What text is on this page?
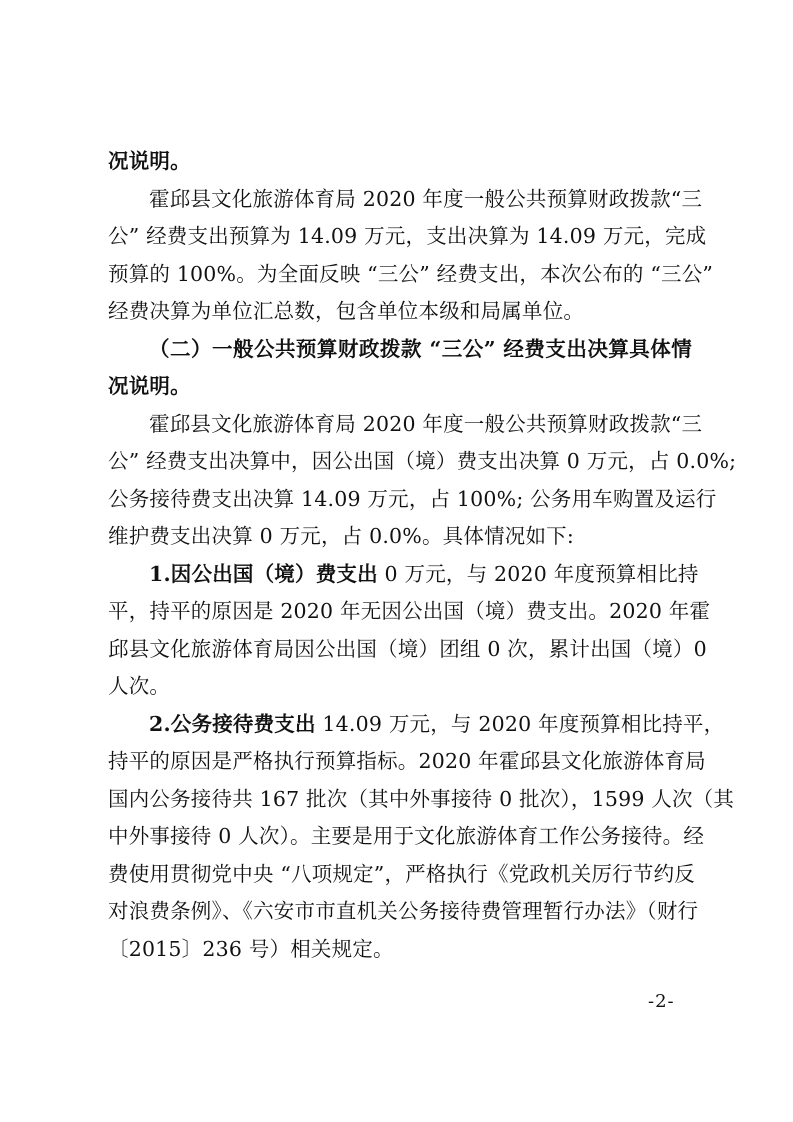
况说明。
霍邱县文化旅游体育局 2020 年度一般公共预算财政拨款“三
公” 经费支出预算为 14.09 万元，支出决算为 14.09 万元，完成
预算的 100%。为全面反映 “三公” 经费支出，本次公布的 “三公”
经费决算为单位汇总数，包含单位本级和局属单位。
（二）一般公共预算财政拨款 “三公” 经费支出决算具体情
况说明。
霍邱县文化旅游体育局 2020 年度一般公共预算财政拨款“三
公” 经费支出决算中，因公出国（境）费支出决算 0 万元，占 0.0%;
公务接待费支出决算 14.09 万元，占 100%; 公务用车购置及运行
维护费支出决算 0 万元，占 0.0%。具体情况如下:
1.因公出国（境）费支出 0 万元，与 2020 年度预算相比持
平，持平的原因是 2020 年无因公出国（境）费支出。2020 年霍
邱县文化旅游体育局因公出国（境）团组 0 次，累计出国（境）0
人次。
2.公务接待费支出 14.09 万元，与 2020 年度预算相比持平，
持平的原因是严格执行预算指标。2020 年霍邱县文化旅游体育局
国内公务接待共 167 批次（其中外事接待 0 批次），1599 人次（其
中外事接待 0 人次）。主要是用于文化旅游体育工作公务接待。经
费使用贯彻党中央 “八项规定”，严格执行《党政机关厉行节约反
对浪费条例》、《六安市市直机关公务接待费管理暂行办法》（财行
〔2015〕236 号）相关规定。
-2-
